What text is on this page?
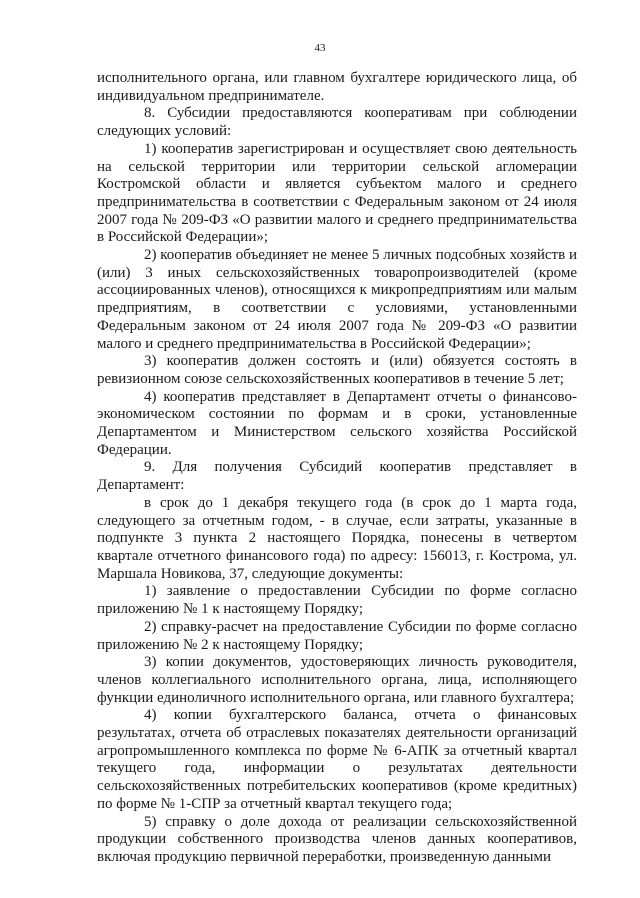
43

исполнительного органа, или главном бухгалтере юридического лица, об индивидуальном предпринимателе.

8. Субсидии предоставляются кооперативам при соблюдении следующих условий:

1) кооператив зарегистрирован и осуществляет свою деятельность на сельской территории или территории сельской агломерации Костромской области и является субъектом малого и среднего предпринимательства в соответствии с Федеральным законом от 24 июля 2007 года № 209-ФЗ «О развитии малого и среднего предпринимательства в Российской Федерации»;

2) кооператив объединяет не менее 5 личных подсобных хозяйств и (или) 3 иных сельскохозяйственных товаропроизводителей (кроме ассоциированных членов), относящихся к микропредприятиям или малым предприятиям, в соответствии с условиями, установленными Федеральным законом от 24 июля 2007 года № 209-ФЗ «О развитии малого и среднего предпринимательства в Российской Федерации»;

3) кооператив должен состоять и (или) обязуется состоять в ревизионном союзе сельскохозяйственных кооперативов в течение 5 лет;

4) кооператив представляет в Департамент отчеты о финансово-экономическом состоянии по формам и в сроки, установленные Департаментом и Министерством сельского хозяйства Российской Федерации.

9. Для получения Субсидий кооператив представляет в Департамент:

в срок до 1 декабря текущего года (в срок до 1 марта года, следующего за отчетным годом, - в случае, если затраты, указанные в подпункте 3 пункта 2 настоящего Порядка, понесены в четвертом квартале отчетного финансового года) по адресу: 156013, г. Кострома, ул. Маршала Новикова, 37, следующие документы:

1) заявление о предоставлении Субсидии по форме согласно приложению № 1 к настоящему Порядку;

2) справку-расчет на предоставление Субсидии по форме согласно приложению № 2 к настоящему Порядку;

3) копии документов, удостоверяющих личность руководителя, членов коллегиального исполнительного органа, лица, исполняющего функции единоличного исполнительного органа, или главного бухгалтера;

4) копии бухгалтерского баланса, отчета о финансовых результатах, отчета об отраслевых показателях деятельности организаций агропромышленного комплекса по форме № 6-АПК за отчетный квартал текущего года, информации о результатах деятельности сельскохозяйственных потребительских кооперативов (кроме кредитных) по форме № 1-СПР за отчетный квартал текущего года;

5) справку о доле дохода от реализации сельскохозяйственной продукции собственного производства членов данных кооперативов, включая продукцию первичной переработки, произведенную данными
